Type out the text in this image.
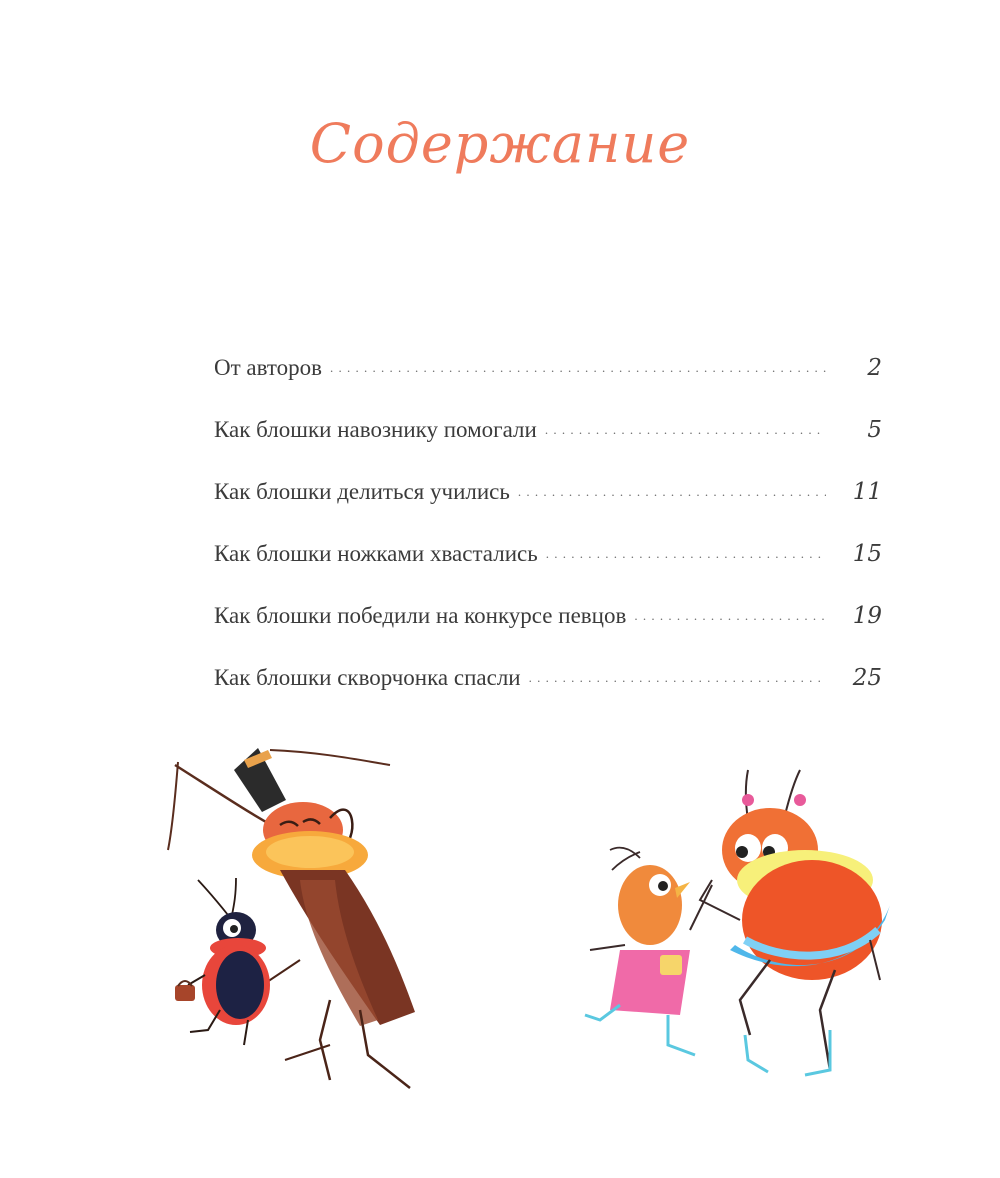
Содержание
От авторов . . .	2
Как блошки навознику помогали . . .	5
Как блошки делиться учились . . .	11
Как блошки ножками хвастались . . .	15
Как блошки победили на конкурсе певцов . . .	19
Как блошки скворчонка спасли . . .	25
